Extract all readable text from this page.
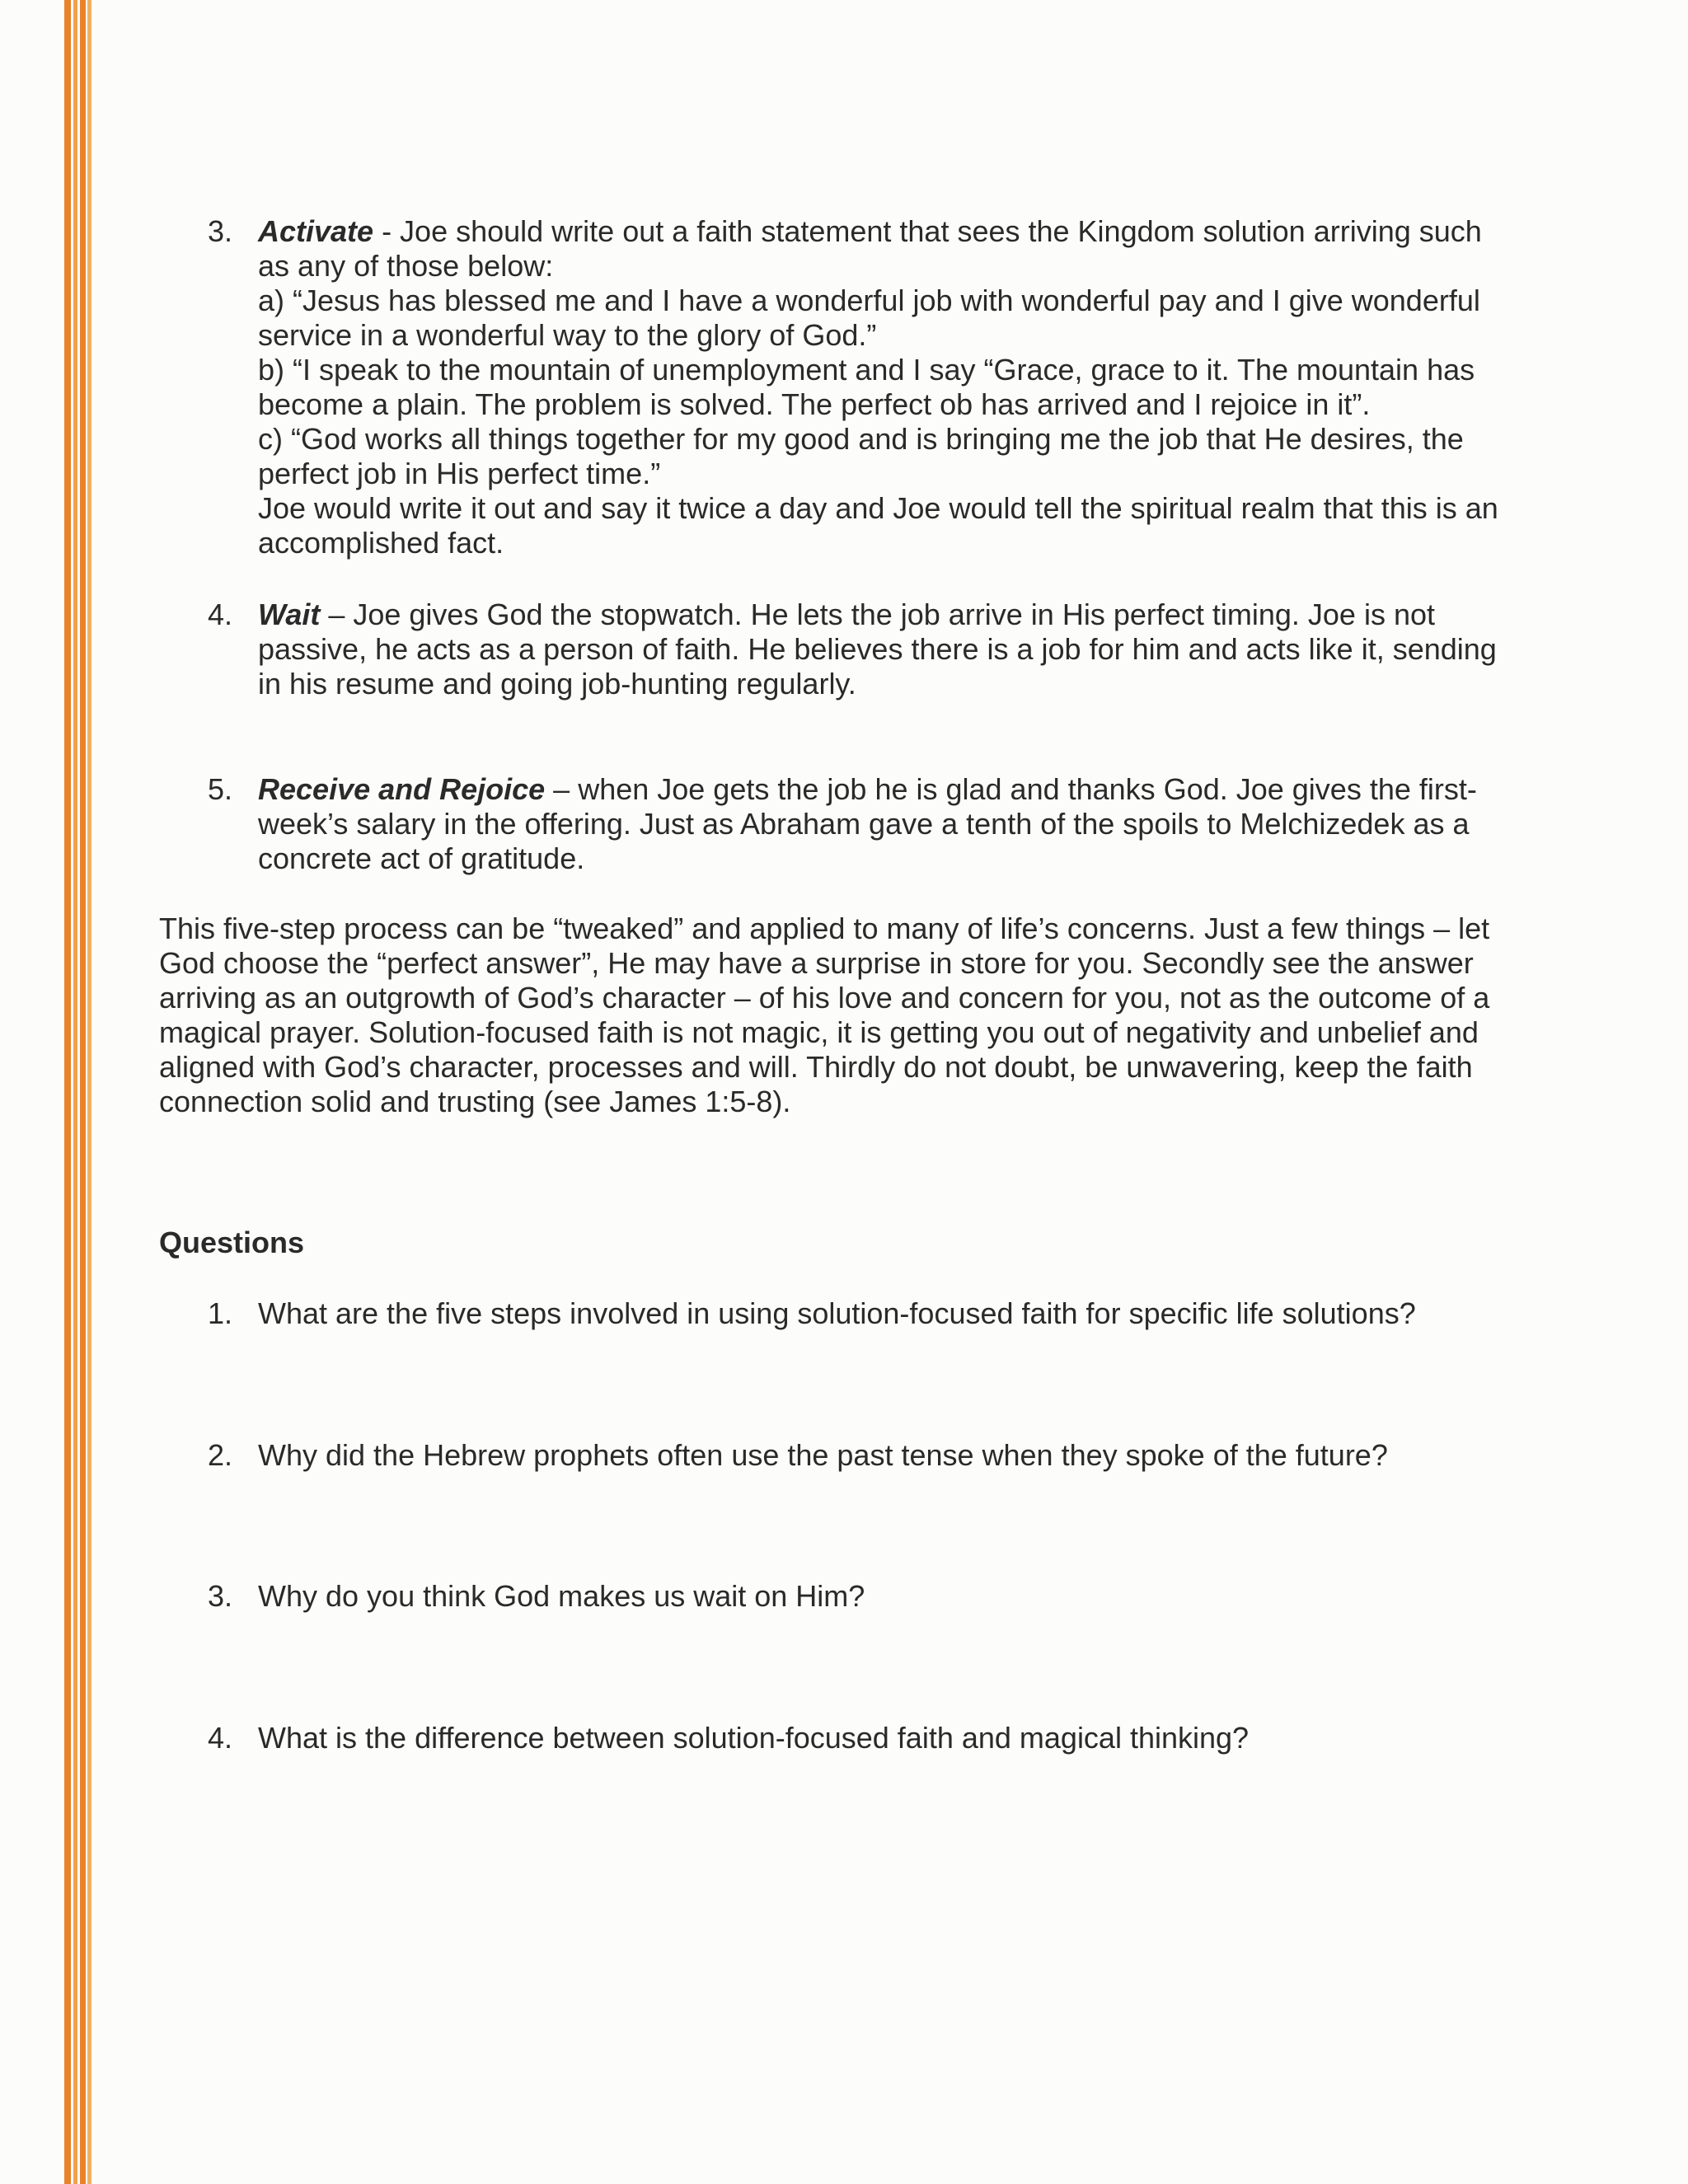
3. Activate - Joe should write out a faith statement that sees the Kingdom solution arriving such
as any of those below:
a) “Jesus has blessed me and I have a wonderful job with wonderful pay and I give wonderful
service in a wonderful way to the glory of God.”
b) “I speak to the mountain of unemployment and I say “Grace, grace to it. The mountain has
become a plain. The problem is solved. The perfect ob has arrived and I rejoice in it”.
c) “God works all things together for my good and is bringing me the job that He desires, the
perfect job in His perfect time.”
Joe would write it out and say it twice a day and Joe would tell the spiritual realm that this is an
accomplished fact.
4. Wait – Joe gives God the stopwatch. He lets the job arrive in His perfect timing. Joe is not
passive, he acts as a person of faith. He believes there is a job for him and acts like it, sending
in his resume and going job-hunting regularly.
5. Receive and Rejoice – when Joe gets the job he is glad and thanks God. Joe gives the first-
week’s salary in the offering. Just as Abraham gave a tenth of the spoils to Melchizedek as a
concrete act of gratitude.
This five-step process can be “tweaked” and applied to many of life’s concerns. Just a few things – let
God choose the “perfect answer”, He may have a surprise in store for you. Secondly see the answer
arriving as an outgrowth of God’s character – of his love and concern for you, not as the outcome of a
magical prayer. Solution-focused faith is not magic, it is getting you out of negativity and unbelief and
aligned with God’s character, processes and will. Thirdly do not doubt, be unwavering, keep the faith
connection solid and trusting (see James 1:5-8).
Questions
1. What are the five steps involved in using solution-focused faith for specific life solutions?
2. Why did the Hebrew prophets often use the past tense when they spoke of the future?
3. Why do you think God makes us wait on Him?
4. What is the difference between solution-focused faith and magical thinking?
